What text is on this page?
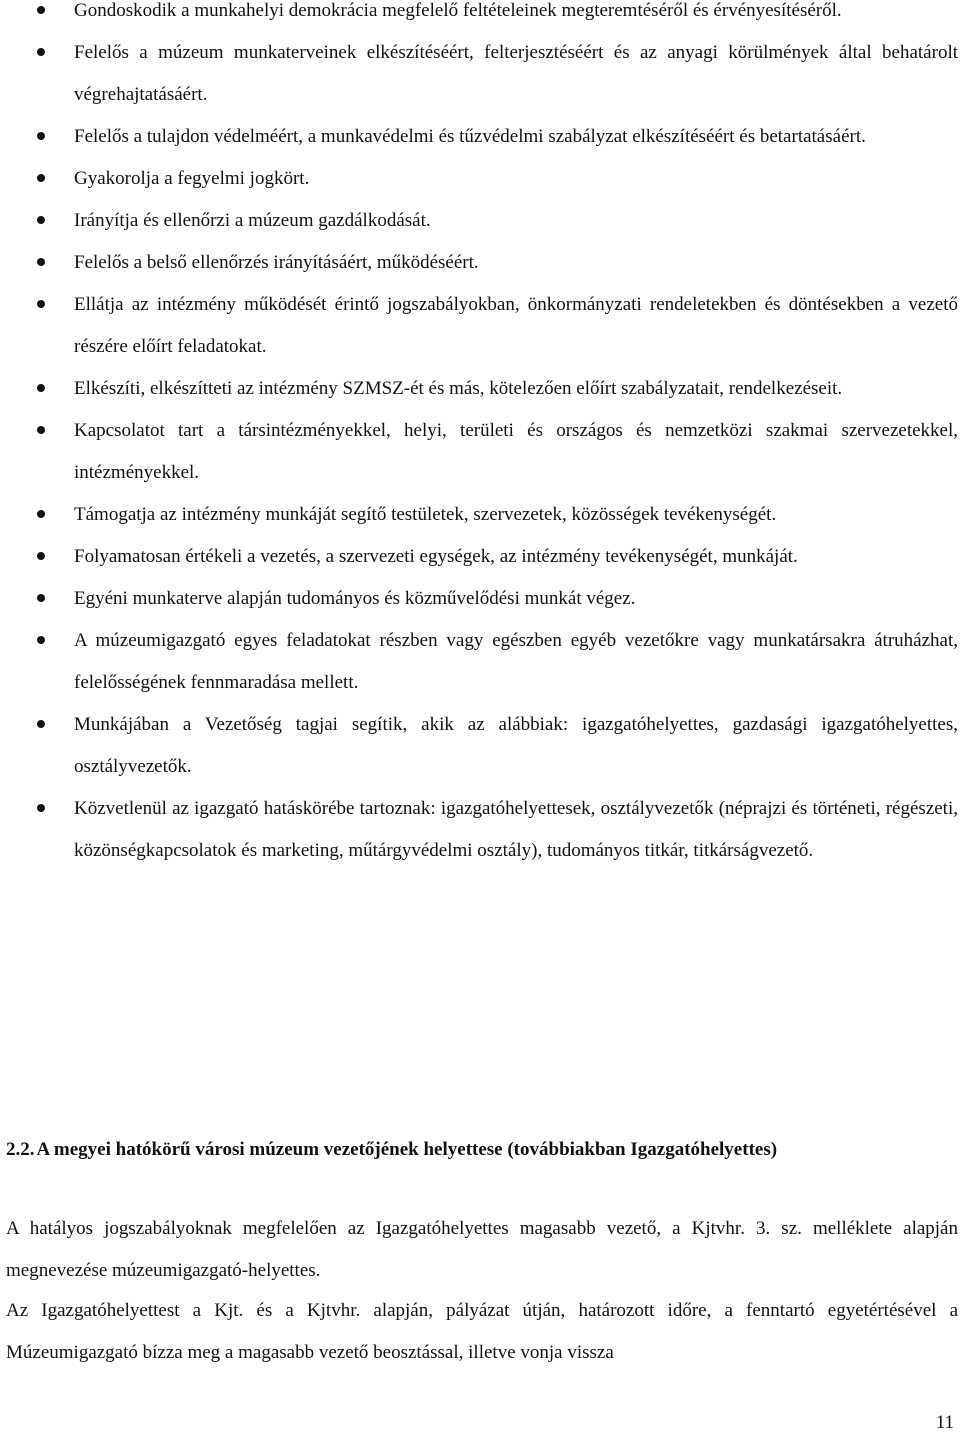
Gondoskodik a munkahelyi demokrácia megfelelő feltételeinek megteremtéséről és érvényesítéséről.
Felelős a múzeum munkaterveinek elkészítéséért, felterjesztéséért és az anyagi körülmények által behatárolt végrehajtatásáért.
Felelős a tulajdon védelméért, a munkavédelmi és tűzvédelmi szabályzat elkészítéséért és betartatásáért.
Gyakorolja a fegyelmi jogkört.
Irányítja és ellenőrzi a múzeum gazdálkodását.
Felelős a belső ellenőrzés irányításáért, működéséért.
Ellátja az intézmény működését érintő jogszabályokban, önkormányzati rendeletekben és döntésekben a vezető részére előírt feladatokat.
Elkészíti, elkészítteti az intézmény SZMSZ-ét és más, kötelezően előírt szabályzatait, rendelkezéseit.
Kapcsolatot tart a társintézményekkel, helyi, területi és országos és nemzetközi szakmai szervezetekkel, intézményekkel.
Támogatja az intézmény munkáját segítő testületek, szervezetek, közösségek tevékenységét.
Folyamatosan értékeli a vezetés, a szervezeti egységek, az intézmény tevékenységét, munkáját.
Egyéni munkaterve alapján tudományos és közművelődési munkát végez.
A múzeumigazgató egyes feladatokat részben vagy egészben egyéb vezetőkre vagy munkatársakra átruházhat, felelősségének fennmaradása mellett.
Munkájában a Vezetőség tagjai segítik, akik az alábbiak: igazgatóhelyettes, gazdasági igazgatóhelyettes, osztályvezetők.
Közvetlenül az igazgató hatáskörébe tartoznak: igazgatóhelyettesek, osztályvezetők (néprajzi és történeti, régészeti, közönségkapcsolatok és marketing, műtárgyvédelmi osztály), tudományos titkár, titkárságvezető.
2.2. A megyei hatókörű városi múzeum vezetőjének helyettese (továbbiakban Igazgatóhelyettes)

A hatályos jogszabályoknak megfelelően az Igazgatóhelyettes magasabb vezető, a Kjtvhr. 3. sz. melléklete alapján megnevezése múzeumigazgató-helyettes.

Az Igazgatóhelyettest a Kjt. és a Kjtvhr. alapján, pályázat útján, határozott időre, a fenntartó egyetértésével a Múzeumigazgató bízza meg a magasabb vezető beosztással, illetve vonja vissza

11
